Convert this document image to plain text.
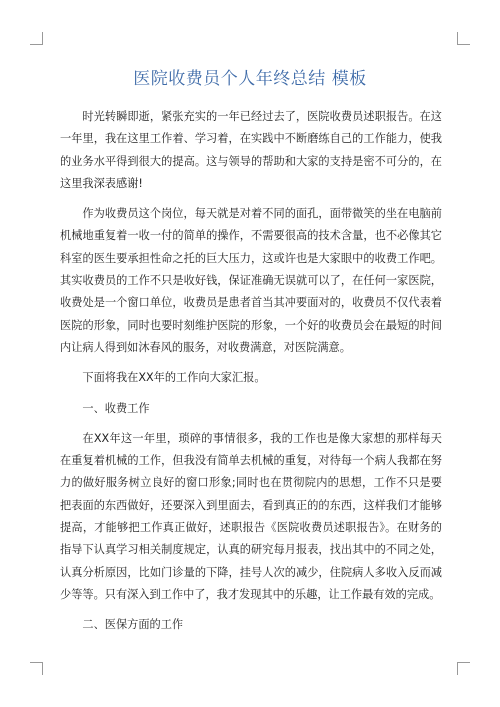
医院收费员个人年终总结 模板

时光转瞬即逝，紧张充实的一年已经过去了，医院收费员述职报告。在这一年里，我在这里工作着、学习着，在实践中不断磨练自己的工作能力，使我的业务水平得到很大的提高。这与领导的帮助和大家的支持是密不可分的，在这里我深表感谢!

作为收费员这个岗位，每天就是对着不同的面孔，面带微笑的坐在电脑前机械地重复着一收一付的简单的操作，不需要很高的技术含量，也不必像其它科室的医生要承担性命之托的巨大压力，这或许也是大家眼中的收费工作吧。其实收费员的工作不只是收好钱，保证准确无误就可以了，在任何一家医院，收费处是一个窗口单位，收费员是患者首当其冲要面对的，收费员不仅代表着医院的形象，同时也要时刻维护医院的形象，一个好的收费员会在最短的时间内让病人得到如沐春风的服务，对收费满意，对医院满意。

下面将我在XX年的工作向大家汇报。

一、收费工作

在XX年这一年里，琐碎的事情很多，我的工作也是像大家想的那样每天在重复着机械的工作，但我没有简单去机械的重复，对待每一个病人我都在努力的做好服务树立良好的窗口形象;同时也在贯彻院内的思想，工作不只是要把表面的东西做好，还要深入到里面去，看到真正的的东西，这样我们才能够提高，才能够把工作真正做好，述职报告《医院收费员述职报告》。在财务的指导下认真学习相关制度规定，认真的研究每月报表，找出其中的不同之处，认真分析原因，比如门诊量的下降，挂号人次的减少，住院病人多收入反而减少等等。只有深入到工作中了，我才发现其中的乐趣，让工作最有效的完成。

二、医保方面的工作
